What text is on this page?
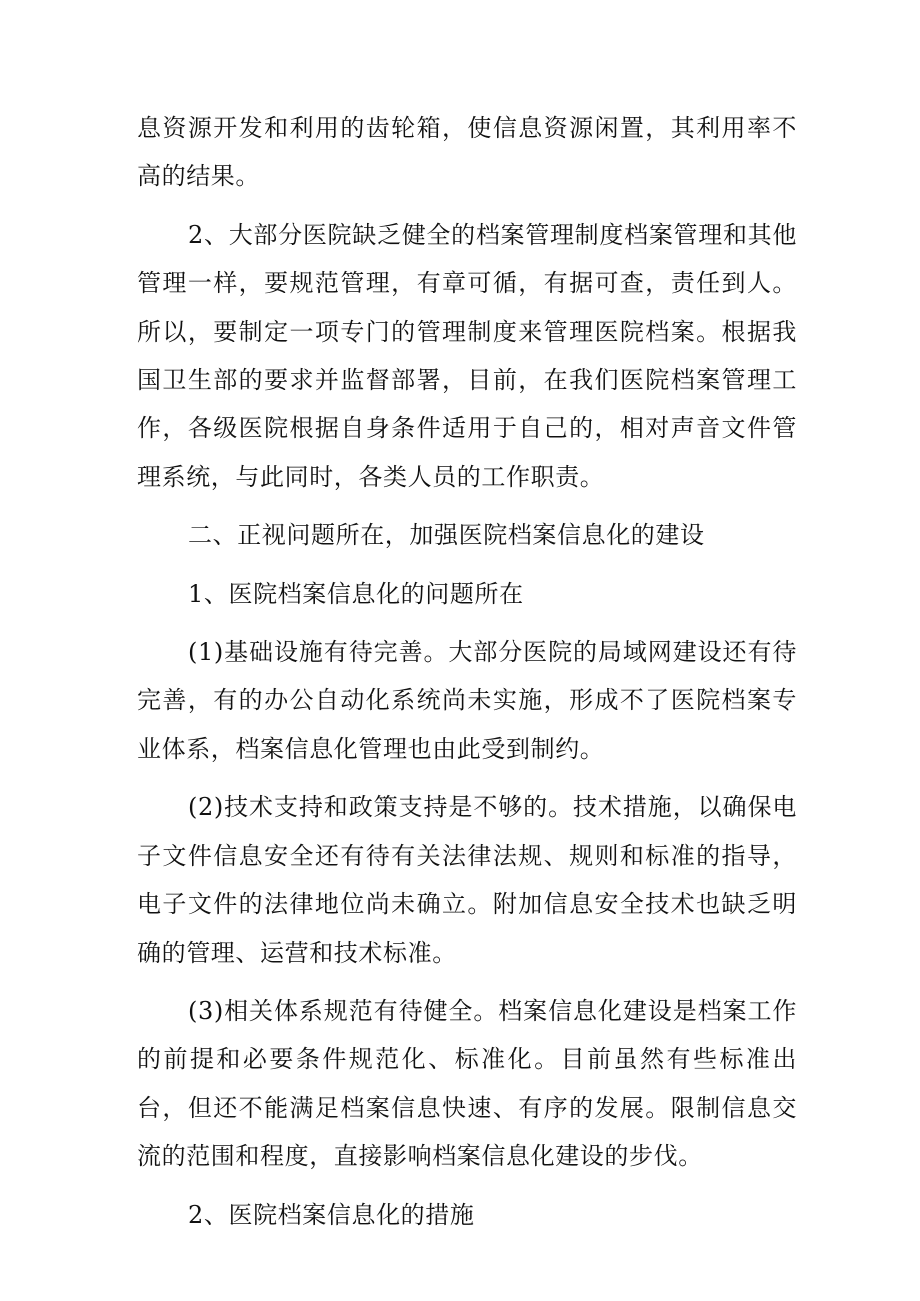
息资源开发和利用的齿轮箱，使信息资源闲置，其利用率不高的结果。

2、大部分医院缺乏健全的档案管理制度档案管理和其他管理一样，要规范管理，有章可循，有据可查，责任到人。所以，要制定一项专门的管理制度来管理医院档案。根据我国卫生部的要求并监督部署，目前，在我们医院档案管理工作，各级医院根据自身条件适用于自己的，相对声音文件管理系统，与此同时，各类人员的工作职责。

二、正视问题所在，加强医院档案信息化的建设

1、医院档案信息化的问题所在

(1)基础设施有待完善。大部分医院的局域网建设还有待完善，有的办公自动化系统尚未实施，形成不了医院档案专业体系，档案信息化管理也由此受到制约。

(2)技术支持和政策支持是不够的。技术措施，以确保电子文件信息安全还有待有关法律法规、规则和标准的指导，电子文件的法律地位尚未确立。附加信息安全技术也缺乏明确的管理、运营和技术标准。

(3)相关体系规范有待健全。档案信息化建设是档案工作的前提和必要条件规范化、标准化。目前虽然有些标准出台，但还不能满足档案信息快速、有序的发展。限制信息交流的范围和程度，直接影响档案信息化建设的步伐。

2、医院档案信息化的措施
